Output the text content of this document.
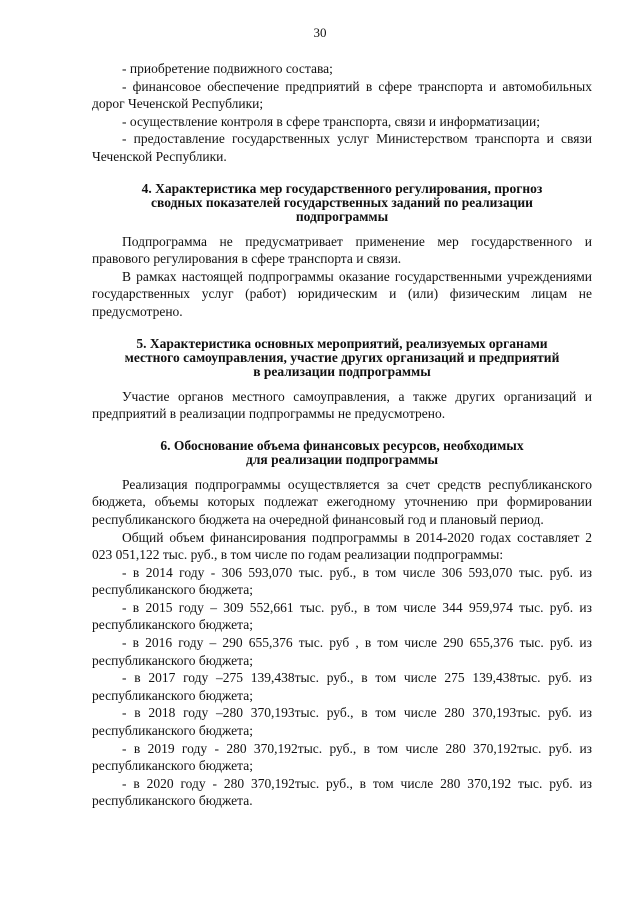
30

- приобретение подвижного состава;

- финансовое обеспечение предприятий в сфере транспорта и автомобильных дорог Чеченской Республики;

- осуществление контроля в сфере транспорта, связи и информатизации;

- предоставление государственных услуг Министерством транспорта и связи Чеченской Республики.

4. Характеристика мер государственного регулирования, прогноз
сводных показателей государственных заданий по реализации
подпрограммы

Подпрограмма не предусматривает применение мер государственного и правового регулирования в сфере транспорта и связи.

В рамках настоящей подпрограммы оказание государственными учреждениями государственных услуг (работ) юридическим и (или) физическим лицам не предусмотрено.

5. Характеристика основных мероприятий, реализуемых органами
местного самоуправления, участие других организаций и предприятий
в реализации подпрограммы

Участие органов местного самоуправления, а также других организаций и предприятий в реализации подпрограммы не предусмотрено.

6. Обоснование объема финансовых ресурсов, необходимых
для реализации подпрограммы

Реализация подпрограммы осуществляется за счет средств республиканского бюджета, объемы которых подлежат ежегодному уточнению при формировании республиканского бюджета на очередной финансовый год и плановый период.

Общий объем финансирования подпрограммы в 2014-2020 годах составляет 2 023 051,122 тыс. руб., в том числе по годам реализации подпрограммы:

- в 2014 году - 306 593,070 тыс. руб., в том числе 306 593,070 тыс. руб. из республиканского бюджета;

- в 2015 году – 309 552,661 тыс. руб., в том числе 344 959,974 тыс. руб. из республиканского бюджета;

- в 2016 году – 290 655,376 тыс. руб , в том числе 290 655,376 тыс. руб. из республиканского бюджета;

- в 2017 году –275 139,438тыс. руб., в том числе 275 139,438тыс. руб. из республиканского бюджета;

- в 2018 году –280 370,193тыс. руб., в том числе 280 370,193тыс. руб. из республиканского бюджета;

- в 2019 году - 280 370,192тыс. руб., в том числе 280 370,192тыс. руб. из республиканского бюджета;

- в 2020 году - 280 370,192тыс. руб., в том числе 280 370,192 тыс. руб. из республиканского бюджета.
